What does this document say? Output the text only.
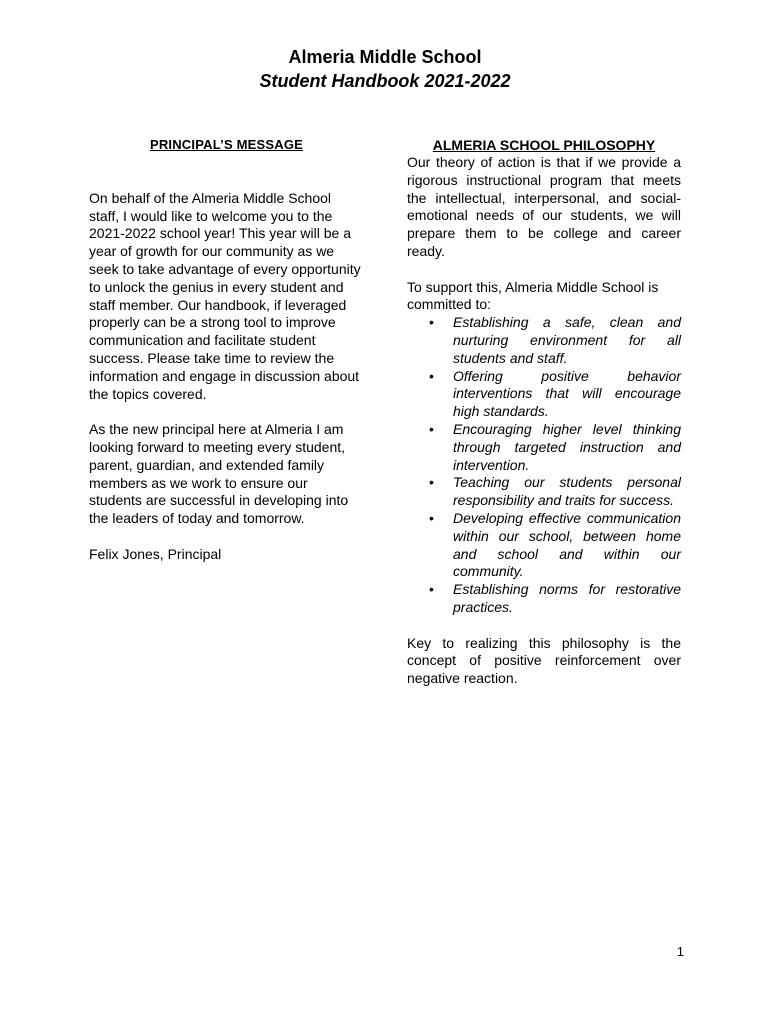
Almeria Middle School

Student Handbook 2021-2022

PRINCIPAL’S MESSAGE

On behalf of the Almeria Middle School staff, I would like to welcome you to the 2021-2022 school year! This year will be a year of growth for our community as we seek to take advantage of every opportunity to unlock the genius in every student and staff member. Our handbook, if leveraged properly can be a strong tool to improve communication and facilitate student success. Please take time to review the information and engage in discussion about the topics covered.

As the new principal here at Almeria I am looking forward to meeting every student, parent, guardian, and extended family members as we work to ensure our students are successful in developing into the leaders of today and tomorrow.

Felix Jones, Principal

ALMERIA SCHOOL PHILOSOPHY

Our theory of action is that if we provide a rigorous instructional program that meets the intellectual, interpersonal, and social-emotional needs of our students, we will prepare them to be college and career ready.

To support this, Almeria Middle School is committed to:

• Establishing a safe, clean and nurturing environment for all students and staff.
• Offering positive behavior interventions that will encourage high standards.
• Encouraging higher level thinking through targeted instruction and intervention.
• Teaching our students personal responsibility and traits for success.
• Developing effective communication within our school, between home and school and within our community.
• Establishing norms for restorative practices.

Key to realizing this philosophy is the concept of positive reinforcement over negative reaction.

1
